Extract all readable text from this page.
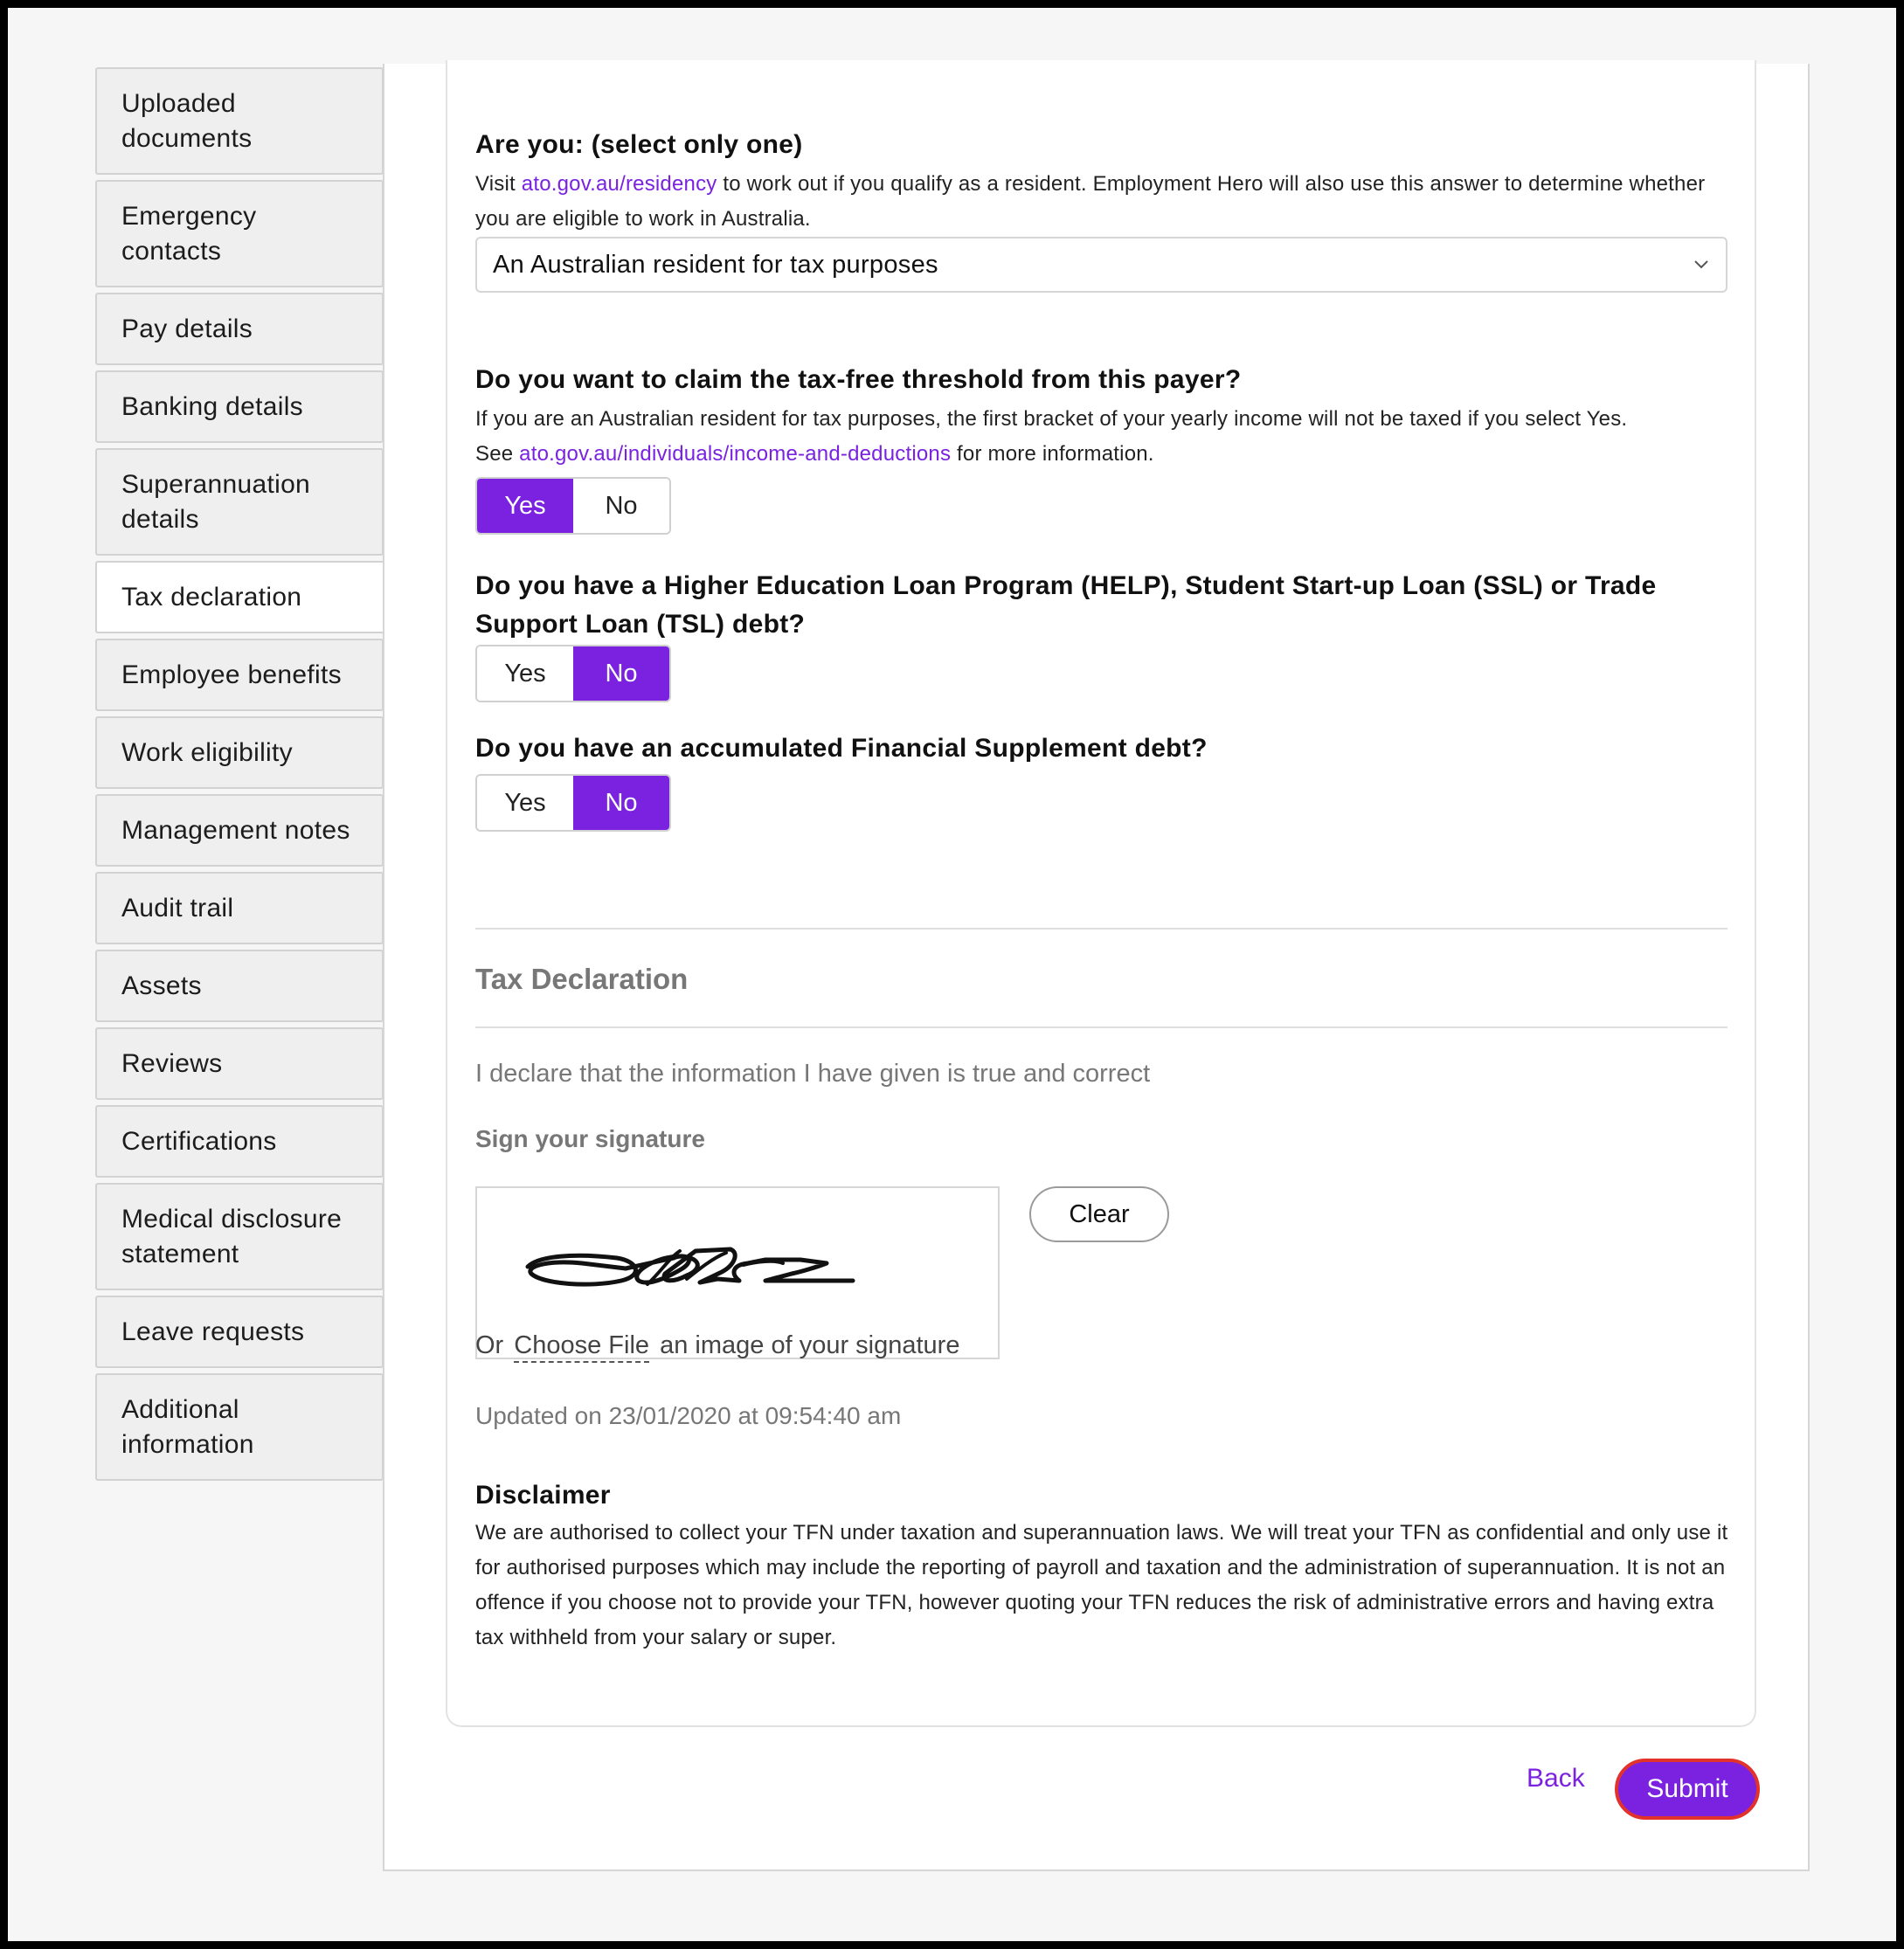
Uploaded documents
Emergency contacts
Pay details
Banking details
Superannuation details
Tax declaration
Employee benefits
Work eligibility
Management notes
Audit trail
Assets
Reviews
Certifications
Medical disclosure statement
Leave requests
Additional information
Are you: (select only one)
Visit ato.gov.au/residency to work out if you qualify as a resident. Employment Hero will also use this answer to determine whether you are eligible to work in Australia.
An Australian resident for tax purposes
Do you want to claim the tax-free threshold from this payer?
If you are an Australian resident for tax purposes, the first bracket of your yearly income will not be taxed if you select Yes.
See ato.gov.au/individuals/income-and-deductions for more information.
Yes	No
Do you have a Higher Education Loan Program (HELP), Student Start-up Loan (SSL) or Trade Support Loan (TSL) debt?
Yes	No
Do you have an accumulated Financial Supplement debt?
Yes	No
Tax Declaration
I declare that the information I have given is true and correct
Sign your signature
Clear
Or Choose File an image of your signature
Updated on 23/01/2020 at 09:54:40 am
Disclaimer
We are authorised to collect your TFN under taxation and superannuation laws. We will treat your TFN as confidential and only use it for authorised purposes which may include the reporting of payroll and taxation and the administration of superannuation. It is not an offence if you choose not to provide your TFN, however quoting your TFN reduces the risk of administrative errors and having extra tax withheld from your salary or super.
Back	Submit
